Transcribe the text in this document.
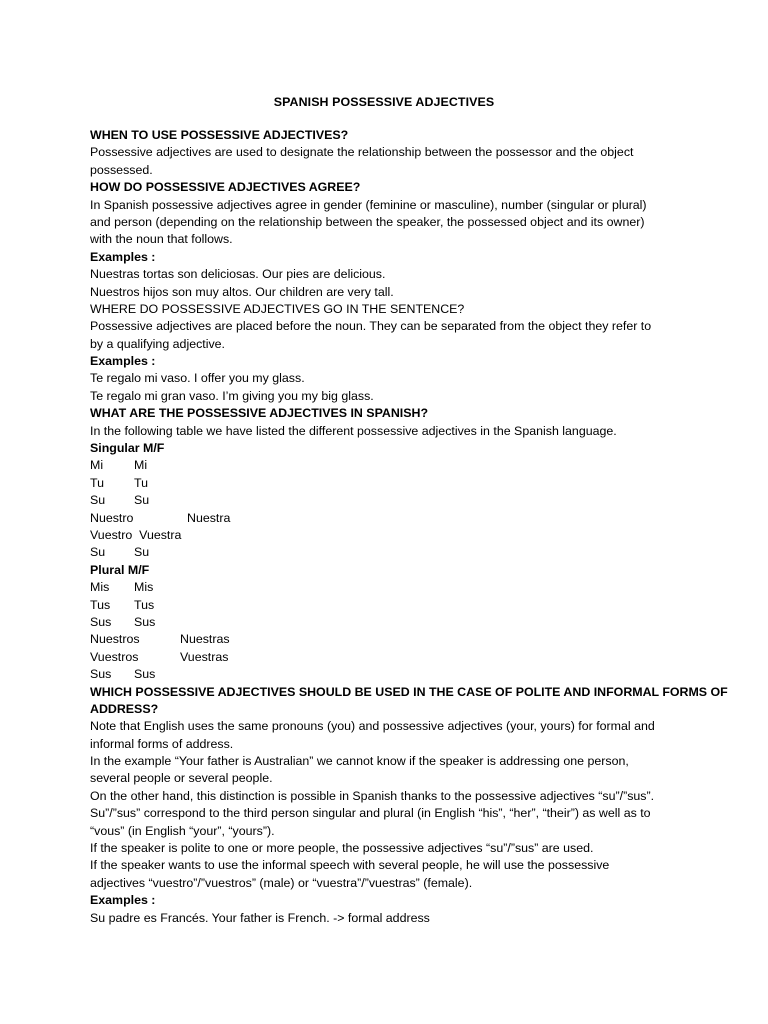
SPANISH POSSESSIVE ADJECTIVES
WHEN TO USE POSSESSIVE ADJECTIVES?
Possessive adjectives are used to designate the relationship between the possessor and the object
possessed.
HOW DO POSSESSIVE ADJECTIVES AGREE?
In Spanish possessive adjectives agree in gender (feminine or masculine), number (singular or plural)
and person (depending on the relationship between the speaker, the possessed object and its owner)
with the noun that follows.
Examples :
Nuestras tortas son deliciosas. Our pies are delicious.
Nuestros hijos son muy altos. Our children are very tall.
WHERE DO POSSESSIVE ADJECTIVES GO IN THE SENTENCE?
Possessive adjectives are placed before the noun. They can be separated from the object they refer to
by a qualifying adjective.
Examples :
Te regalo mi vaso. I offer you my glass.
Te regalo mi gran vaso. I’m giving you my big glass.
WHAT ARE THE POSSESSIVE ADJECTIVES IN SPANISH?
In the following table we have listed the different possessive adjectives in the Spanish language.
Singular M/F
Mi Mi
Tu Tu
Su Su
Nuestro	Nuestra
Vuestro Vuestra
Su Su
Plural M/F
Mis Mis
Tus Tus
Sus Sus
Nuestros	Nuestras
Vuestros	Vuestras
Sus Sus
WHICH POSSESSIVE ADJECTIVES SHOULD BE USED IN THE CASE OF POLITE AND INFORMAL FORMS OF
ADDRESS?
Note that English uses the same pronouns (you) and possessive adjectives (your, yours) for formal and
informal forms of address.
In the example “Your father is Australian” we cannot know if the speaker is addressing one person,
several people or several people.
On the other hand, this distinction is possible in Spanish thanks to the possessive adjectives “su”/”sus”.
Su”/”sus” correspond to the third person singular and plural (in English “his”, “her”, “their”) as well as to
“vous” (in English “your”, “yours”).
If the speaker is polite to one or more people, the possessive adjectives “su”/”sus” are used.
If the speaker wants to use the informal speech with several people, he will use the possessive
adjectives “vuestro”/”vuestros” (male) or “vuestra”/”vuestras” (female).
Examples :
Su padre es Francés. Your father is French. -> formal address
